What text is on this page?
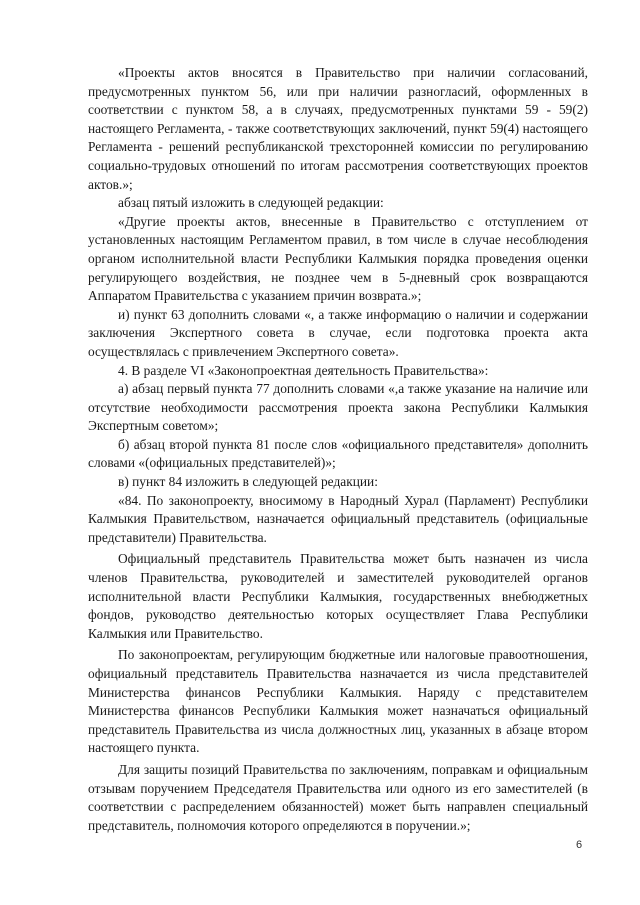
«Проекты актов вносятся в Правительство при наличии согласований, предусмотренных пунктом 56, или при наличии разногласий, оформленных в соответствии с пунктом 58, а в случаях, предусмотренных пунктами 59 - 59(2) настоящего Регламента, - также соответствующих заключений, пункт 59(4) настоящего Регламента - решений республиканской трехсторонней комиссии по регулированию социально-трудовых отношений по итогам рассмотрения соответствующих проектов актов.»;

абзац пятый изложить в следующей редакции:

«Другие проекты актов, внесенные в Правительство с отступлением от установленных настоящим Регламентом правил, в том числе в случае несоблюдения органом исполнительной власти Республики Калмыкия порядка проведения оценки регулирующего воздействия, не позднее чем в 5-дневный срок возвращаются Аппаратом Правительства с указанием причин возврата.»;

и) пункт 63 дополнить словами «, а также информацию о наличии и содержании заключения Экспертного совета в случае, если подготовка проекта акта осуществлялась с привлечением Экспертного совета».

4. В разделе VI «Законопроектная деятельность Правительства»:

а) абзац первый пункта 77 дополнить словами «,а также указание на наличие или отсутствие необходимости рассмотрения проекта закона Республики Калмыкия Экспертным советом»;

б) абзац второй пункта 81 после слов «официального представителя» дополнить словами «(официальных представителей)»;

в) пункт 84 изложить в следующей редакции:

«84. По законопроекту, вносимому в Народный Хурал (Парламент) Республики Калмыкия Правительством, назначается официальный представитель (официальные представители) Правительства.

Официальный представитель Правительства может быть назначен из числа членов Правительства, руководителей и заместителей руководителей органов исполнительной власти Республики Калмыкия, государственных внебюджетных фондов, руководство деятельностью которых осуществляет Глава Республики Калмыкия или Правительство.

По законопроектам, регулирующим бюджетные или налоговые правоотношения, официальный представитель Правительства назначается из числа представителей Министерства финансов Республики Калмыкия. Наряду с представителем Министерства финансов Республики Калмыкия может назначаться официальный представитель Правительства из числа должностных лиц, указанных в абзаце втором настоящего пункта.

Для защиты позиций Правительства по заключениям, поправкам и официальным отзывам поручением Председателя Правительства или одного из его заместителей (в соответствии с распределением обязанностей) может быть направлен специальный представитель, полномочия которого определяются в поручении.»;

6
